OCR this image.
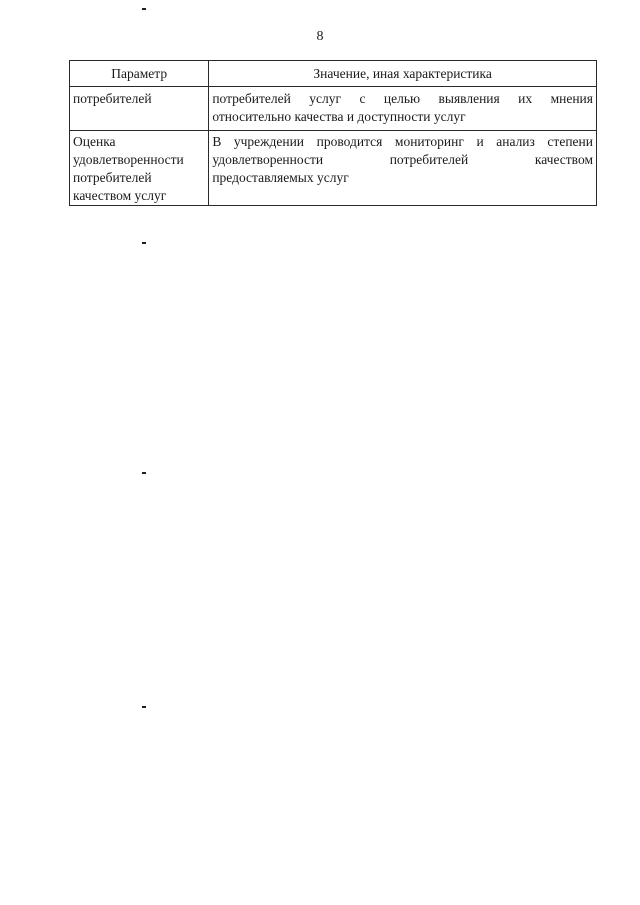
8
Параметр	Значение, иная характеристика
потребителей	потребителей услуг с целью выявления их мнения
относительно качества и доступности услуг

Оценка удовлетворенности потребителей качеством услуг	В учреждении проводится мониторинг и анализ степени
удовлетворенности потребителей качеством
предоставляемых услуг
